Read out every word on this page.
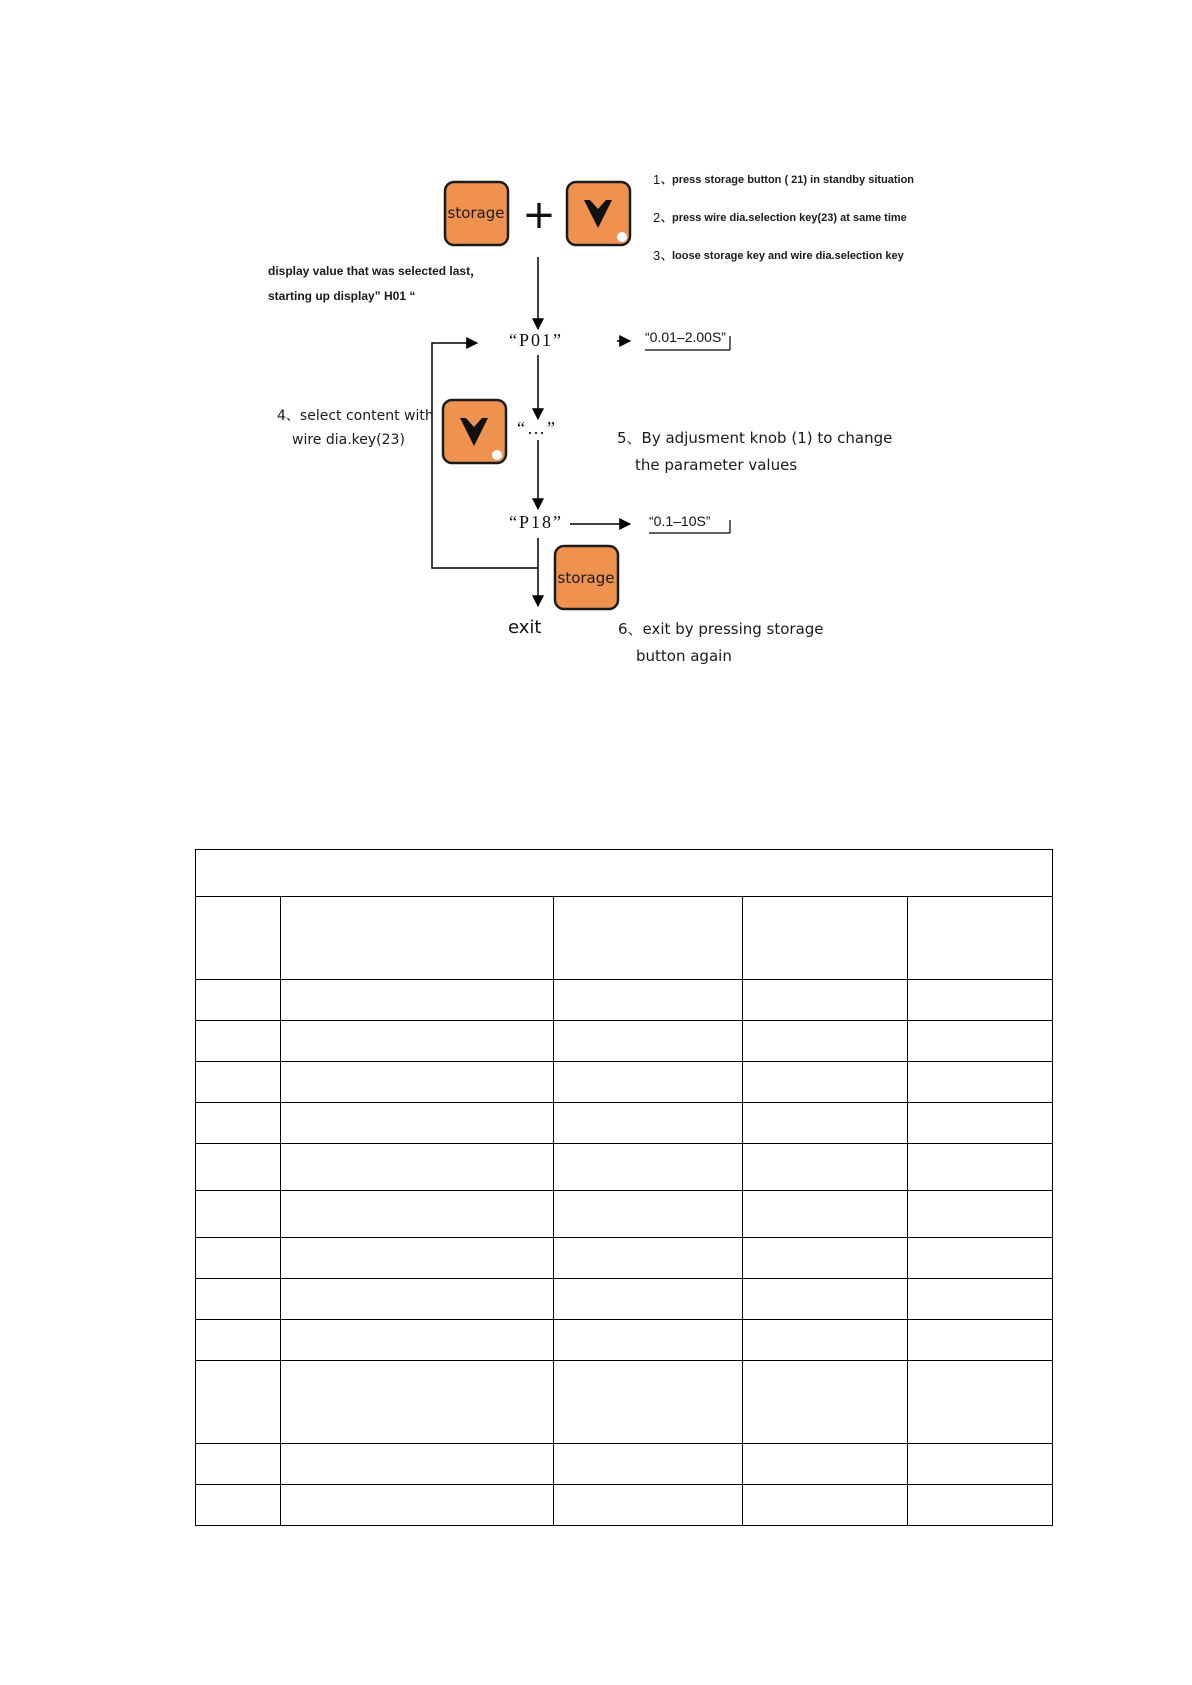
storage +
1 、press storage button ( 21) in standby situation
2 、press wire dia.selection key(23) at same time
3 、loose storage key and wire dia.selection key
display value that was selected last，
starting up display” H01 “
“P01”	“0.01–2.00S”
4、select content with
wire dia.key(23)
“…”	5、By adjusment knob (1) to change
the parameter values
“P18”	“0.1–10S”
storage
exit	6、exit by pressing storage
button again
